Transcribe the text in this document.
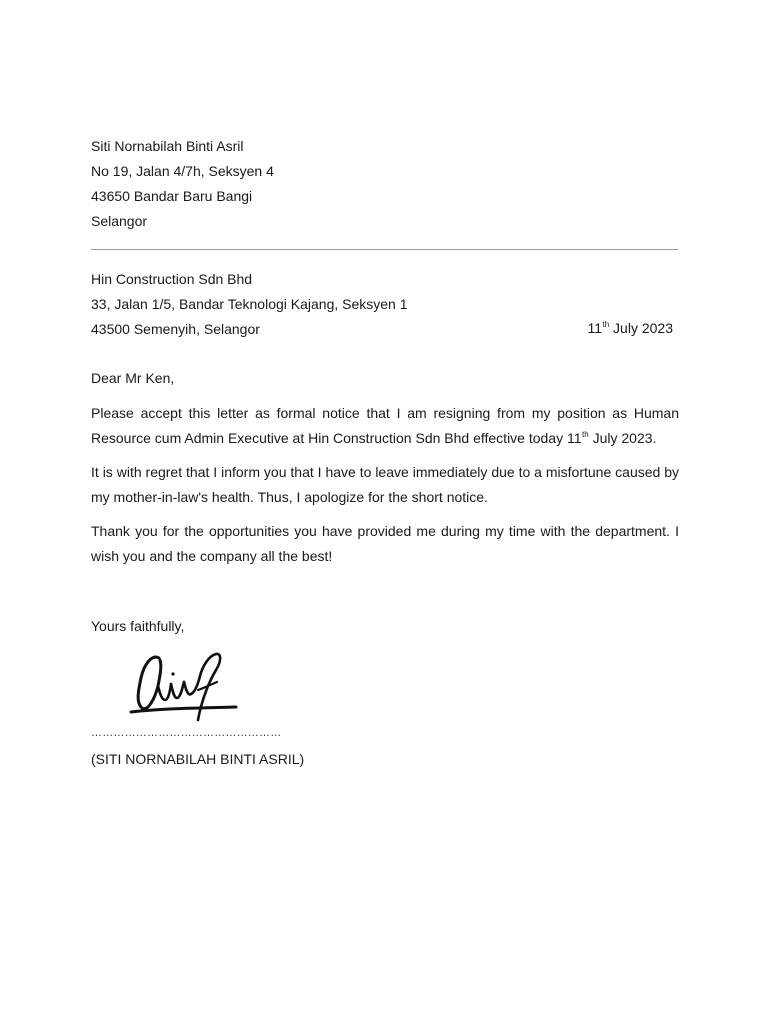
Siti Nornabilah Binti Asril
No 19, Jalan 4/7h, Seksyen 4
43650 Bandar Baru Bangi
Selangor
Hin Construction Sdn Bhd
33, Jalan 1/5, Bandar Teknologi Kajang, Seksyen 1
43500 Semenyih, Selangor	11th July 2023
Dear Mr Ken,
Please accept this letter as formal notice that I am resigning from my position as Human Resource cum Admin Executive at Hin Construction Sdn Bhd effective today 11th July 2023.
It is with regret that I inform you that I have to leave immediately due to a misfortune caused by my mother-in-law's health. Thus, I apologize for the short notice.
Thank you for the opportunities you have provided me during my time with the department. I wish you and the company all the best!
Yours faithfully,
……………………………………………
(SITI NORNABILAH BINTI ASRIL)
